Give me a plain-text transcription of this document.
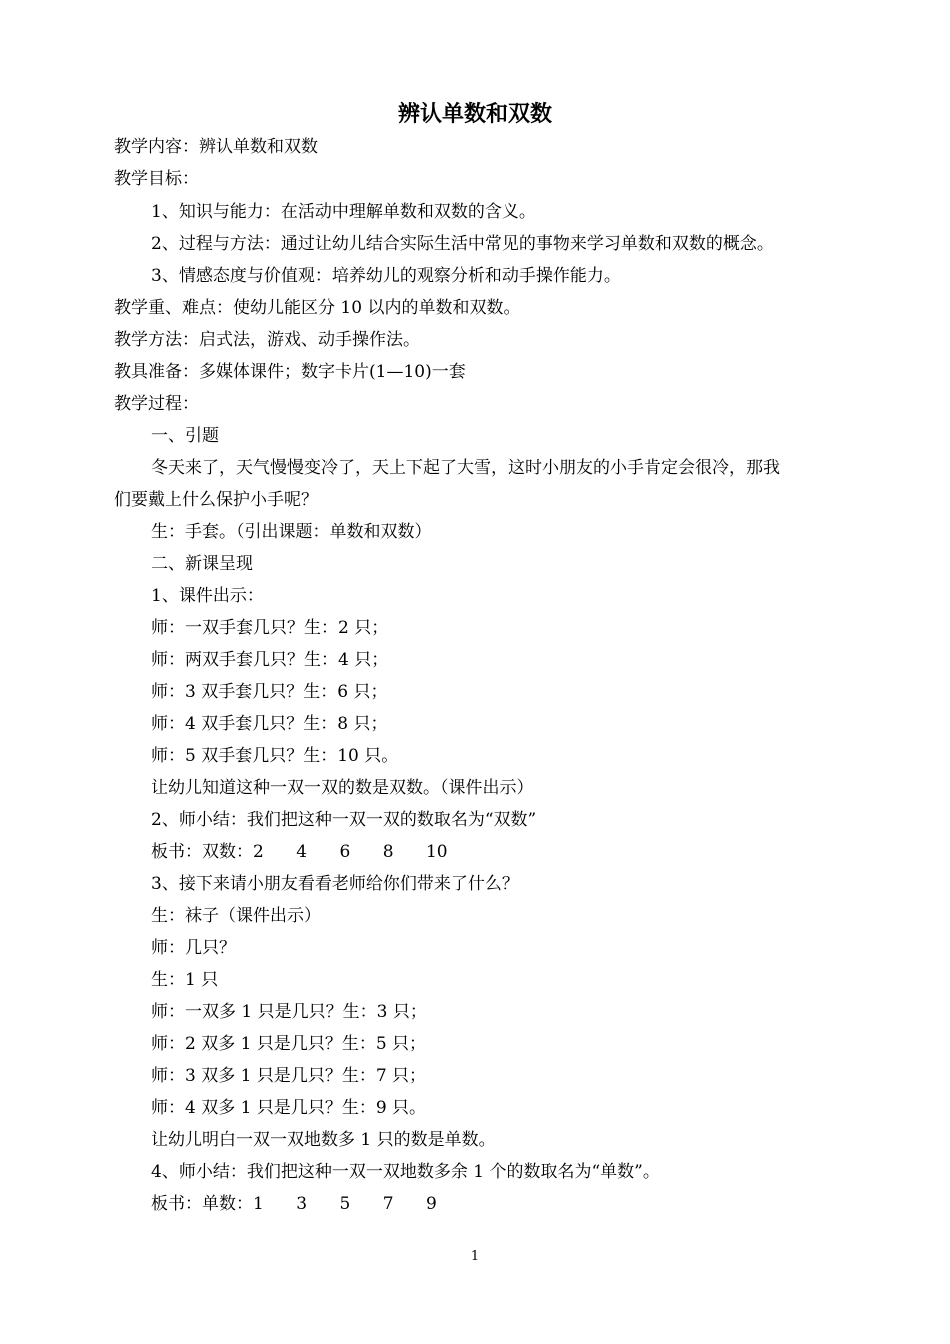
辨认单数和双数
教学内容：辨认单数和双数
教学目标：
1、知识与能力：在活动中理解单数和双数的含义。
2、过程与方法：通过让幼儿结合实际生活中常见的事物来学习单数和双数的概念。
3、情感态度与价值观：培养幼儿的观察分析和动手操作能力。
教学重、难点：使幼儿能区分 10 以内的单数和双数。
教学方法：启式法，游戏、动手操作法。
教具准备：多媒体课件；数字卡片(1—10)一套
教学过程：
一、引题
冬天来了，天气慢慢变冷了，天上下起了大雪，这时小朋友的小手肯定会很冷，那我
们要戴上什么保护小手呢？
生：手套。（引出课题：单数和双数）
二、新课呈现
1、课件出示：
师：一双手套几只？生：2 只；
师：两双手套几只？生：4 只；
师：3 双手套几只？生：6 只；
师：4 双手套几只？生：8 只；
师：5 双手套几只？生：10 只。
让幼儿知道这种一双一双的数是双数。（课件出示）
2、师小结：我们把这种一双一双的数取名为“双数”
板书：双数：2      4      6      8      10
3、接下来请小朋友看看老师给你们带来了什么？
生：袜子（课件出示）
师：几只？
生：1 只
师：一双多 1 只是几只？生：3 只；
师：2 双多 1 只是几只？生：5 只；
师：3 双多 1 只是几只？生：7 只；
师：4 双多 1 只是几只？生：9 只。
让幼儿明白一双一双地数多 1 只的数是单数。
4、师小结：我们把这种一双一双地数多余 1 个的数取名为“单数”。
板书：单数：1      3      5      7      9
1
